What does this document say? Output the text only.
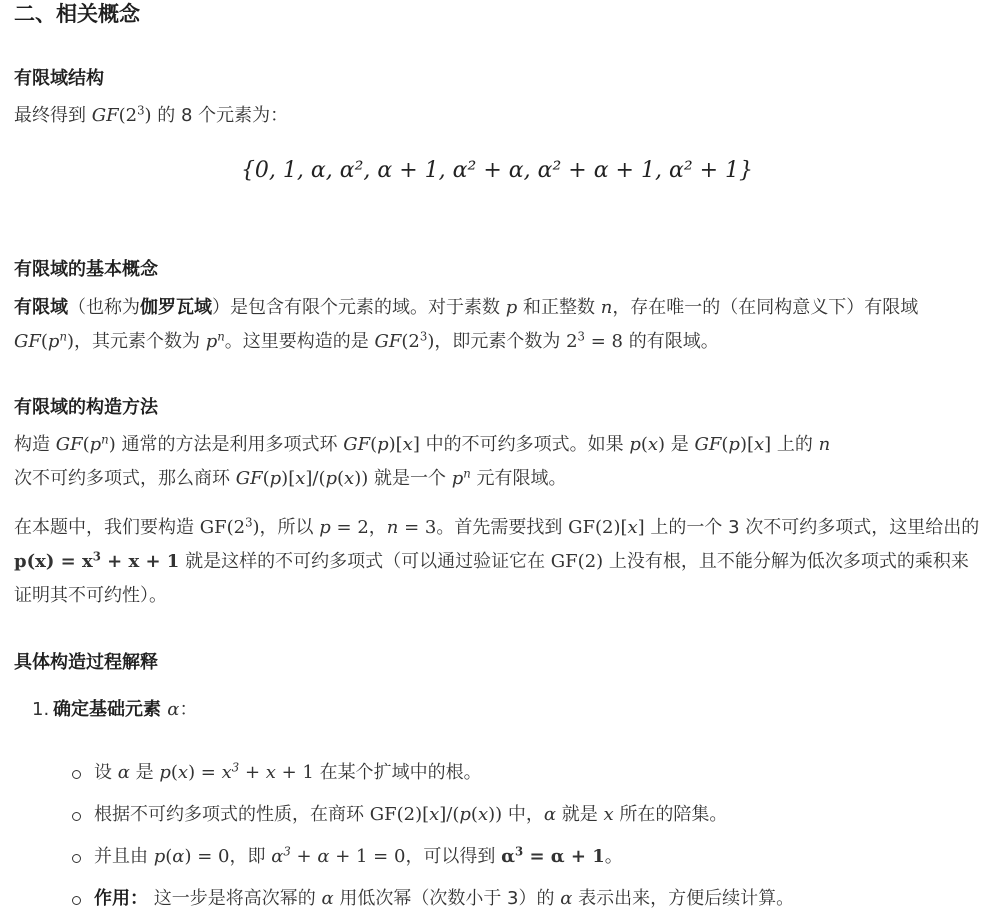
二、相关概念
有限域结构
最终得到 $GF(2^3)$ 的 8 个元素为：
{0, 1, α, α², α + 1, α² + α, α² + α + 1, α² + 1}
有限域的基本概念
有限域（也称为伽罗瓦域）是包含有限个元素的域。对于素数 p 和正整数 n，存在唯一的（在同构意义下）有限域 $GF(p^n)$，其元素个数为 $p^n$。这里要构造的是 $GF(2^3)$，即元素个数为 $2^3 = 8$ 的有限域。
有限域的构造方法
构造 $GF(p^n)$ 通常的方法是利用多项式环 GF(p)[x] 中的不可约多项式。如果 p(x) 是 GF(p)[x] 上的 n
次不可约多项式，那么商环 GF(p)[x]/(p(x)) 就是一个 $p^n$ 元有限域。
在本题中，我们要构造 $GF(2^3)$，所以 p = 2，n = 3。首先需要找到 GF(2)[x] 上的一个 3 次不可约多项式，这里给出的 $p(x) = x^3 + x + 1$ 就是这样的不可约多项式（可以通过验证它在 GF(2) 上没有根，且不能分解为低次多项式的乘积来证明其不可约性）。
具体构造过程解释
1. 确定基础元素 α：
设 α 是 $p(x) = x^3 + x + 1$ 在某个扩域中的根。
根据不可约多项式的性质，在商环 GF(2)[x]/(p(x)) 中，α 就是 x 所在的陪集。
并且由 p(α) = 0，即 $\alpha^3 + \alpha + 1 = 0$，可以得到 $\alpha^3 = \alpha + 1$。
作用： 这一步是将高次幂的 α 用低次幂（次数小于 3）的 α 表示出来，方便后续计算。
